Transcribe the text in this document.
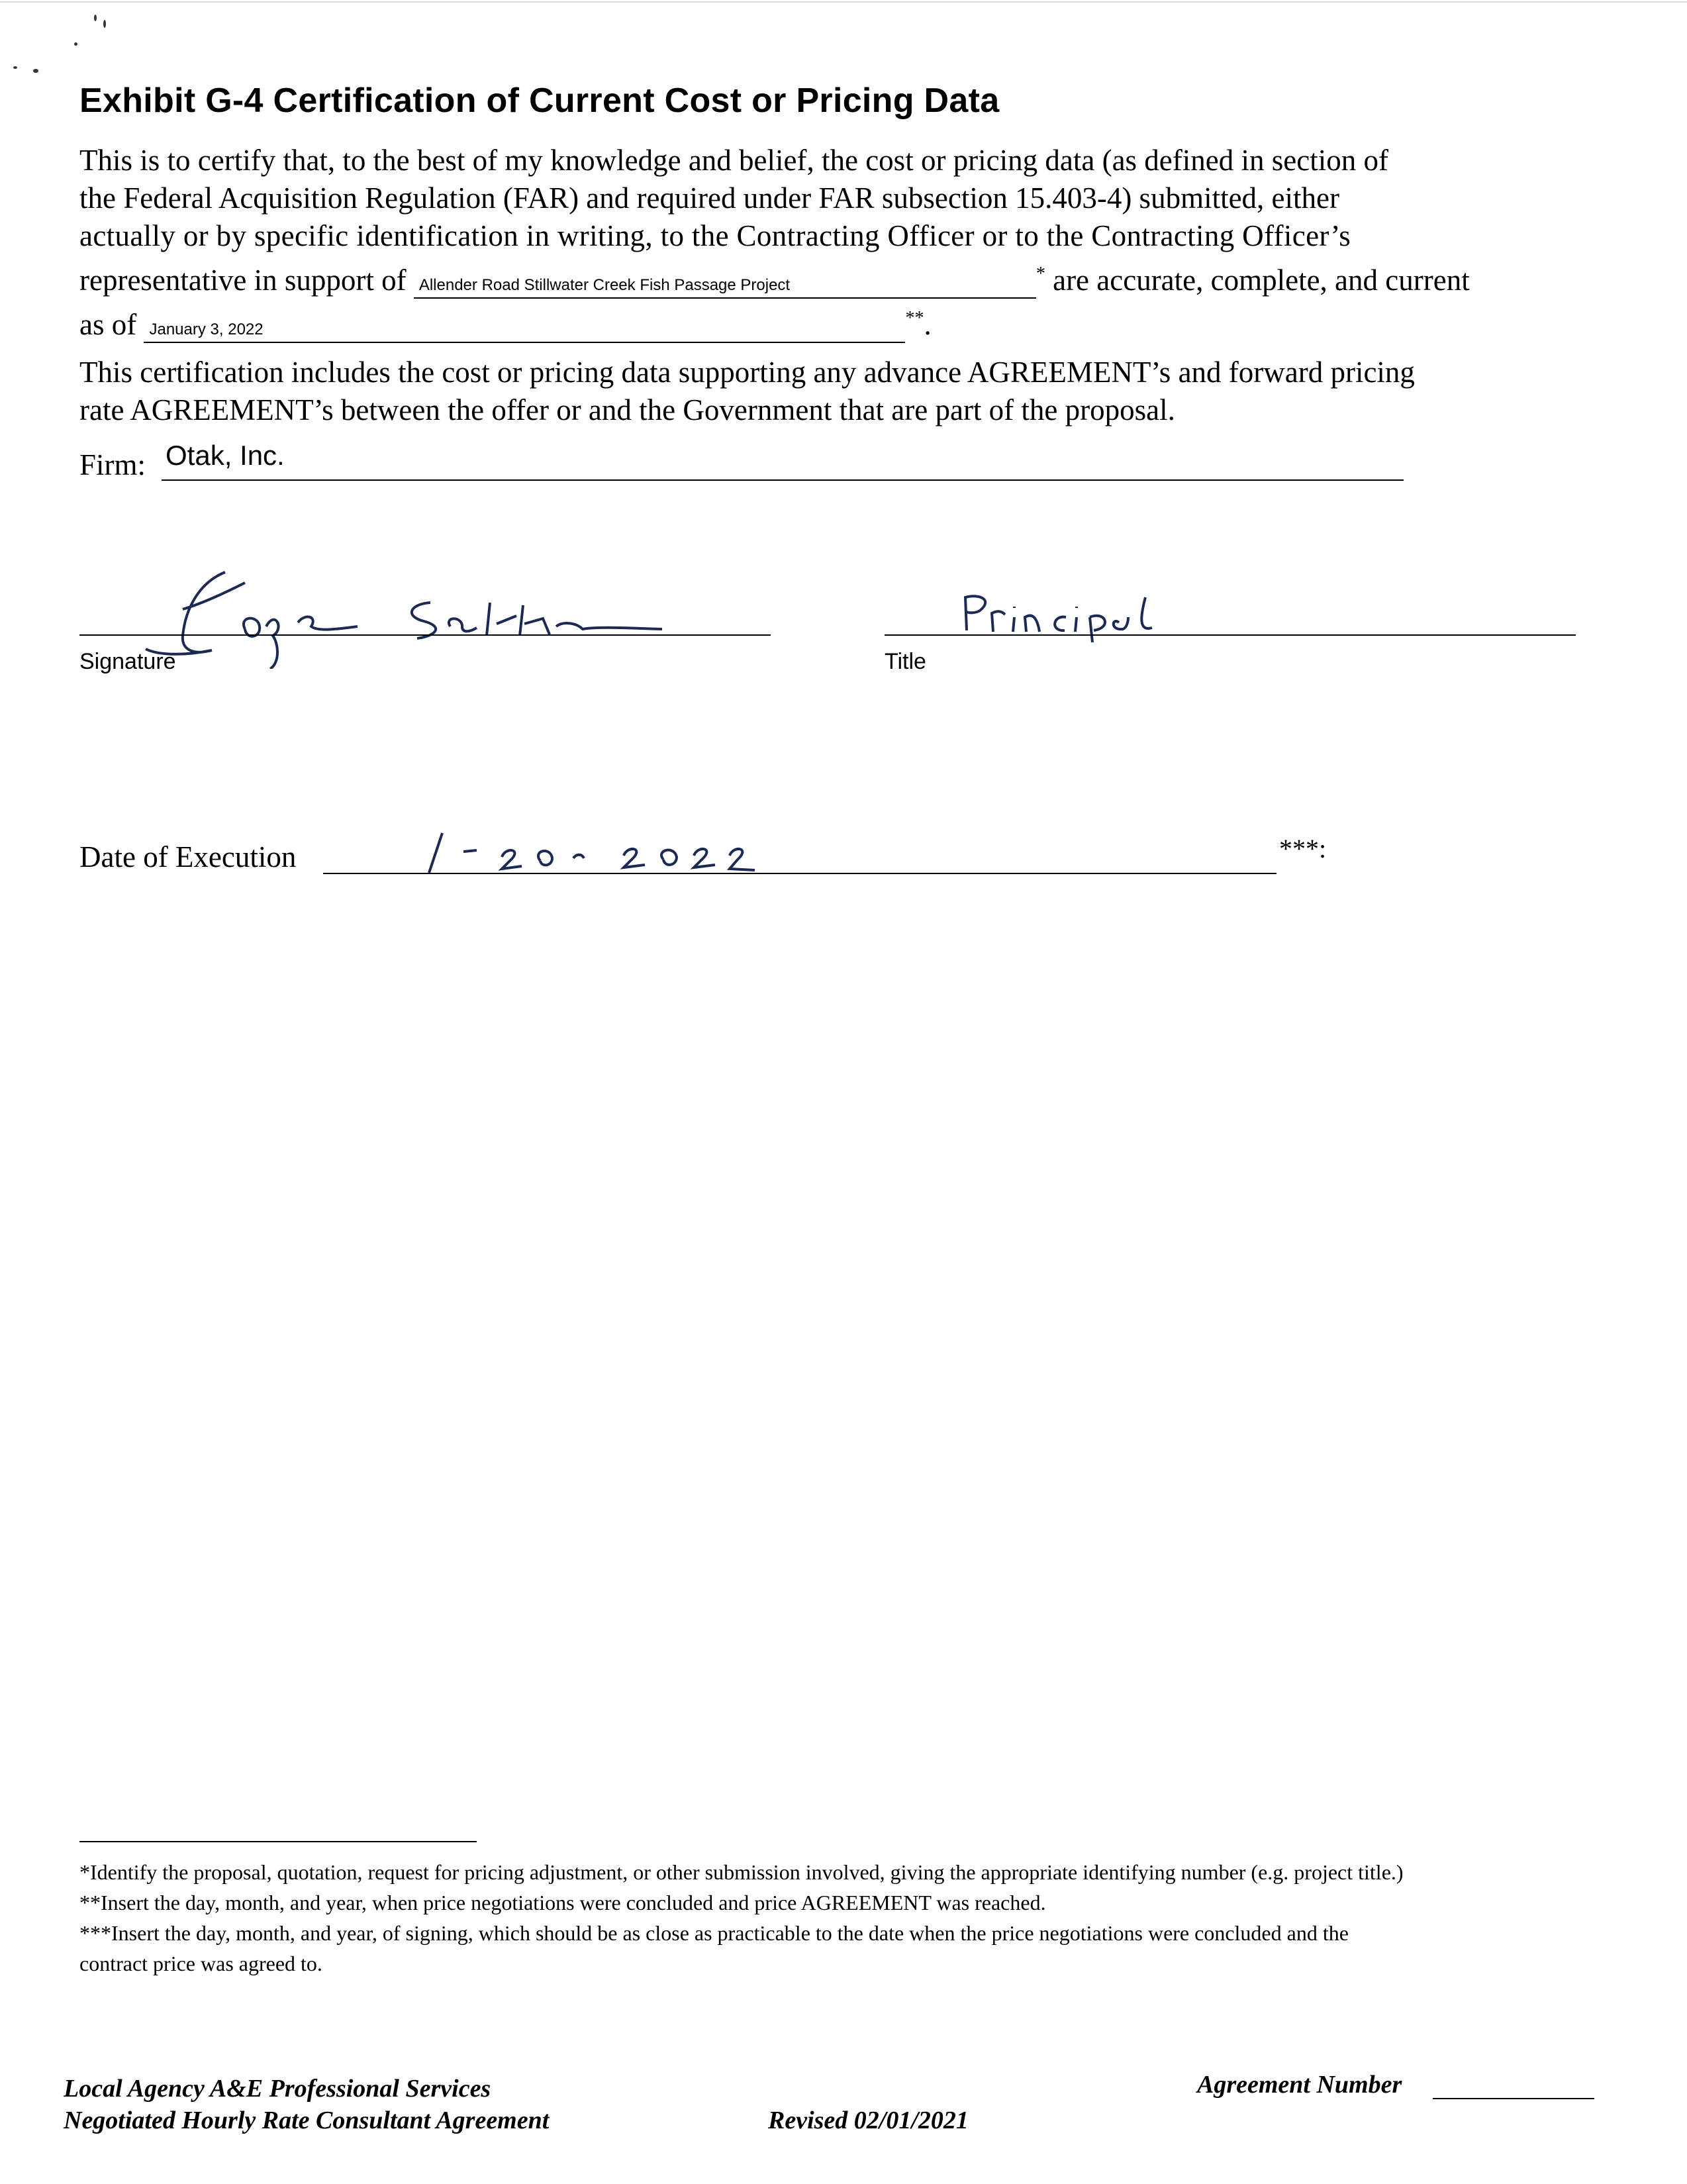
Exhibit G-4 Certification of Current Cost or Pricing Data
This is to certify that, to the best of my knowledge and belief, the cost or pricing data (as defined in section of
the Federal Acquisition Regulation (FAR) and required under FAR subsection 15.403-4) submitted, either
actually or by specific identification in writing, to the Contracting Officer or to the Contracting Officer’s
representative in support of Allender Road Stillwater Creek Fish Passage Project* are accurate, complete, and current
as of January 3, 2022**.
This certification includes the cost or pricing data supporting any advance AGREEMENT’s and forward pricing
rate AGREEMENT’s between the offer or and the Government that are part of the proposal.
Firm: Otak, Inc.
Signature	Title
Date of Execution	***:
*Identify the proposal, quotation, request for pricing adjustment, or other submission involved, giving the appropriate identifying number (e.g. project title.)
**Insert the day, month, and year, when price negotiations were concluded and price AGREEMENT was reached.
***Insert the day, month, and year, of signing, which should be as close as practicable to the date when the price negotiations were concluded and the
contract price was agreed to.
Local Agency A&E Professional Services
Negotiated Hourly Rate Consultant Agreement	Revised 02/01/2021
Agreement Number
